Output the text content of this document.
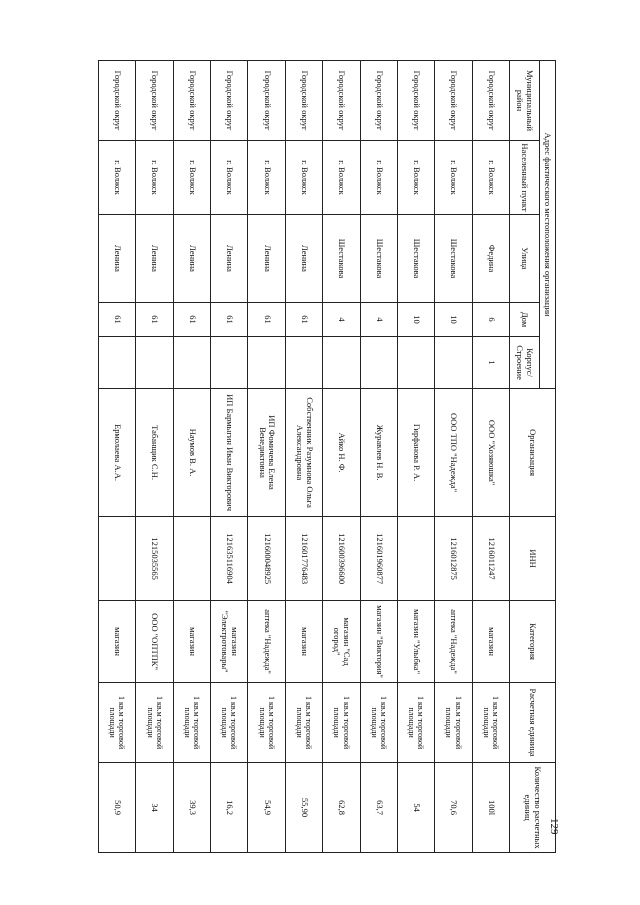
129
Адрес фактического местоположения организации					Организация	ИНН	Категория	Расчетная единица	Количество расчетных единиц
Муниципальный район	Населенный пункт	Улица	Дом	Корпус/ Строение					
Городской округ	г. Волжск	Федина	6	1	ООО "Хозяюшка"	1216011247	магазин	1 кв.м торговой площади	100l
Городской округ	г. Волжск	Шестакова	10		ООО ТПО "Надежда"	1216012875	аптека "Надежда"	1 кв.м торговой площади	70,6
Городской округ	г. Волжск	Шестакова	10		Гирфанова Р. А.		магазин "Улыбка"	1 кв.м торговой площади	54
Городской округ	г. Волжск	Шестакова	4		Журавлев Н. В.	121601960877	магазин "Виктория"	1 кв.м торговой площади	63,7
Городской округ	г. Волжск	Шестакова	4		Айко Н. Ф.	121600396600	магазин "Сад огород"	1 кв.м торговой площади	62,8
Городской округ	г. Волжск	Ленина	61		Собственник Разумнова Ольга Александровна	121601776483	магазин	1 кв.м торговой площади	55,90
Городской округ	г. Волжск	Ленина	61		ИП Фомичева Елена Венедиктовна	121600048925	аптека "Надежда"	1 кв.м торговой площади	54,9
Городской округ	г. Волжск	Ленина	61		ИП Бармыгин Иван Викторович	121635116904	магазин "Электротовары"	1 кв.м торговой площади	16,2
Городской округ	г. Волжск	Ленина	61		Наумов В. А.		магазин	1 кв.м торговой площади	39,3
Городской округ	г. Волжск	Ленина	61		Табанщик С.Н.	1215035565	ООО "ОПТПК"	1 кв.м торговой площади	34
Городской округ	г. Волжск	Ленина	61		Ермолаева А.А.		магазин	1 кв.м торговой площади	50,9
